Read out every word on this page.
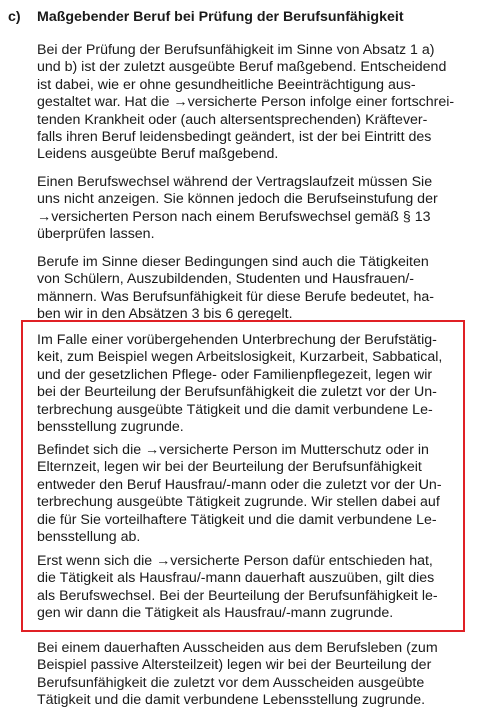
c) Maßgebender Beruf bei Prüfung der Berufsunfähigkeit

Bei der Prüfung der Berufsunfähigkeit im Sinne von Absatz 1 a)
und b) ist der zuletzt ausgeübte Beruf maßgebend. Entscheidend
ist dabei, wie er ohne gesundheitliche Beeinträchtigung aus-
gestaltet war. Hat die →versicherte Person infolge einer fortschrei-
tenden Krankheit oder (auch altersentsprechenden) Kräftever-
falls ihren Beruf leidensbedingt geändert, ist der bei Eintritt des
Leidens ausgeübte Beruf maßgebend.

Einen Berufswechsel während der Vertragslaufzeit müssen Sie
uns nicht anzeigen. Sie können jedoch die Berufseinstufung der
→versicherten Person nach einem Berufswechsel gemäß § 13
überprüfen lassen.

Berufe im Sinne dieser Bedingungen sind auch die Tätigkeiten
von Schülern, Auszubildenden, Studenten und Hausfrauen/-
männern. Was Berufsunfähigkeit für diese Berufe bedeutet, ha-
ben wir in den Absätzen 3 bis 6 geregelt.

Im Falle einer vorübergehenden Unterbrechung der Berufstätig-
keit, zum Beispiel wegen Arbeitslosigkeit, Kurzarbeit, Sabbatical,
und der gesetzlichen Pflege- oder Familienpflegezeit, legen wir
bei der Beurteilung der Berufsunfähigkeit die zuletzt vor der Un-
terbrechung ausgeübte Tätigkeit und die damit verbundene Le-
bensstellung zugrunde.

Befindet sich die →versicherte Person im Mutterschutz oder in
Elternzeit, legen wir bei der Beurteilung der Berufsunfähigkeit
entweder den Beruf Hausfrau/-mann oder die zuletzt vor der Un-
terbrechung ausgeübte Tätigkeit zugrunde. Wir stellen dabei auf
die für Sie vorteilhaftere Tätigkeit und die damit verbundene Le-
bensstellung ab.

Erst wenn sich die →versicherte Person dafür entschieden hat,
die Tätigkeit als Hausfrau/-mann dauerhaft auszuüben, gilt dies
als Berufswechsel. Bei der Beurteilung der Berufsunfähigkeit le-
gen wir dann die Tätigkeit als Hausfrau/-mann zugrunde.

Bei einem dauerhaften Ausscheiden aus dem Berufsleben (zum
Beispiel passive Altersteilzeit) legen wir bei der Beurteilung der
Berufsunfähigkeit die zuletzt vor dem Ausscheiden ausgeübte
Tätigkeit und die damit verbundene Lebensstellung zugrunde.
